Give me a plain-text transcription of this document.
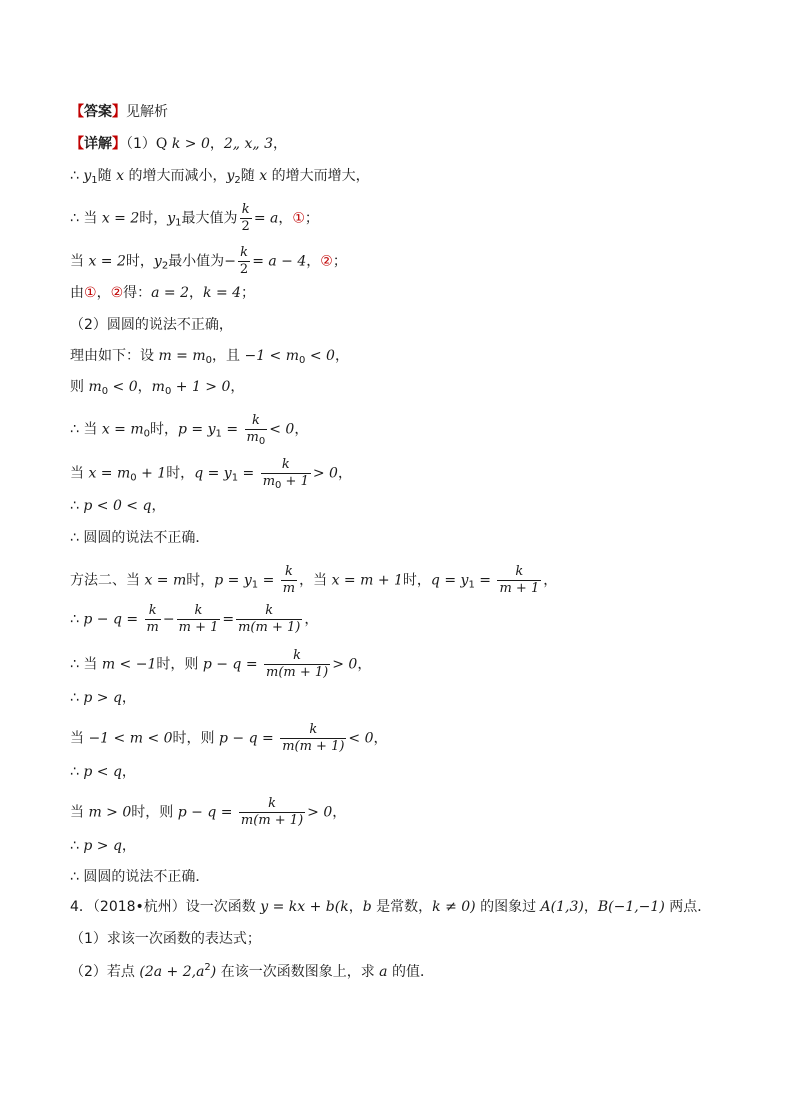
【答案】见解析
【详解】（1）Q k > 0，2„ x„ 3，
∴ $y_1$随 x 的增大而减小，$y_2$随 x 的增大而增大，
∴ 当 x = 2时，$y_1$最大值为 $\frac{k}{2} = a$，①；
当 x = 2时，$y_2$最小值为− $\frac{k}{2} = a - 4$，②；
由①，②得：a = 2，k = 4；
（2）圆圆的说法不正确，
理由如下：设 $m = m_0$，且 $-1 < m_0 < 0$，
则 $m_0 < 0$，$m_0 + 1 > 0$，
∴ 当 $x = m_0$时，$p = y_1 = \frac{k}{m_0} < 0$，
当 $x = m_0 + 1$时，$q = y_1 = \frac{k}{m_0 + 1} > 0$，
∴ p < 0 < q，
∴ 圆圆的说法不正确．
方法二、当 x = m时，$p = y_1 = \frac{k}{m}$ ，当 x = m + 1时，$q = y_1 = \frac{k}{m + 1}$ ，
∴ $p - q = \frac{k}{m} - \frac{k}{m + 1} = \frac{k}{m(m + 1)}$ ，
∴ 当 m < −1时，则 $p - q = \frac{k}{m(m + 1)} > 0$，
∴ p > q，
当 −1 < m < 0时，则 $p - q = \frac{k}{m(m + 1)} < 0$，
∴ p < q，
当 m > 0时，则 $p - q = \frac{k}{m(m + 1)} > 0$，
∴ p > q，
∴ 圆圆的说法不正确．
4．（2018•杭州）设一次函数 y = kx + b(k，b 是常数，k ≠ 0) 的图象过 A(1,3)，B(−1,−1) 两点．
（1）求该一次函数的表达式；
（2）若点 $(2a + 2,a^2)$ 在该一次函数图象上，求 a 的值．
